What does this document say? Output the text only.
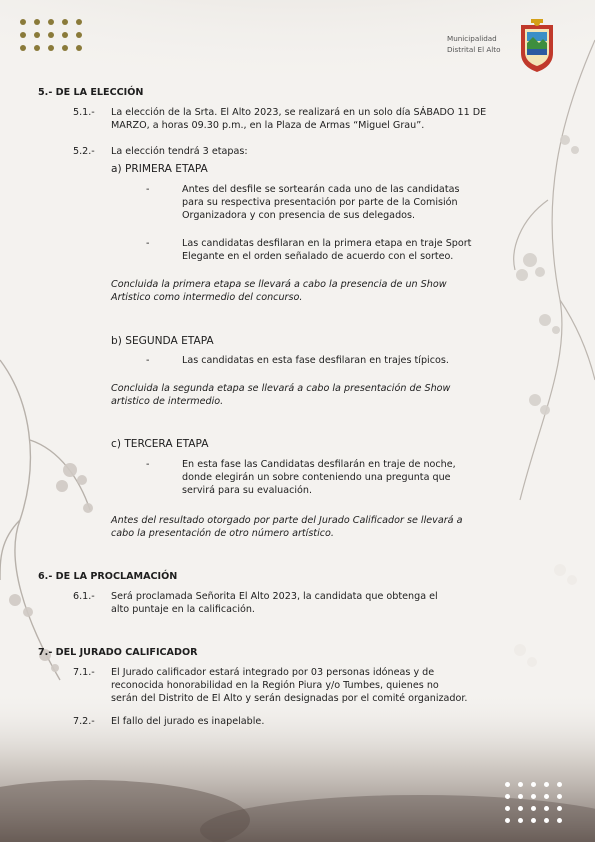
Municipalidad
Distrital El Alto
5.- DE LA ELECCIÓN
5.1.- La elección de la Srta. El Alto 2023, se realizará en un solo día SÁBADO 11 DE
MARZO, a horas 09.30 p.m., en la Plaza de Armas “Miguel Grau”.
5.2.- La elección tendrá 3 etapas:
a) PRIMERA ETAPA
-	Antes del desfile se sortearán cada uno de las candidatas
para su respectiva presentación por parte de la Comisión
Organizadora y con presencia de sus delegados.
-	Las candidatas desfilaran en la primera etapa en traje Sport
Elegante en el orden señalado de acuerdo con el sorteo.
Concluida la primera etapa se llevará a cabo la presencia de un Show
Artistico como intermedio del concurso.
b) SEGUNDA ETAPA
-	Las candidatas en esta fase desfilaran en trajes típicos.
Concluida la segunda etapa se llevará a cabo la presentación de Show
artistico de intermedio.
c) TERCERA ETAPA
-	En esta fase las Candidatas desfilarán en traje de noche,
donde elegirán un sobre conteniendo una pregunta que
servirá para su evaluación.
Antes del resultado otorgado por parte del Jurado Calificador se llevará a
cabo la presentación de otro número artístico.
6.- DE LA PROCLAMACIÓN
6.1.- Será proclamada Señorita El Alto 2023, la candidata que obtenga el
alto puntaje en la calificación.
7.- DEL JURADO CALIFICADOR
7.1.- El Jurado calificador estará integrado por 03 personas idóneas y de
reconocida honorabilidad en la Región Piura y/o Tumbes, quienes no
serán del Distrito de El Alto y serán designadas por el comité organizador.
7.2.- El fallo del jurado es inapelable.
